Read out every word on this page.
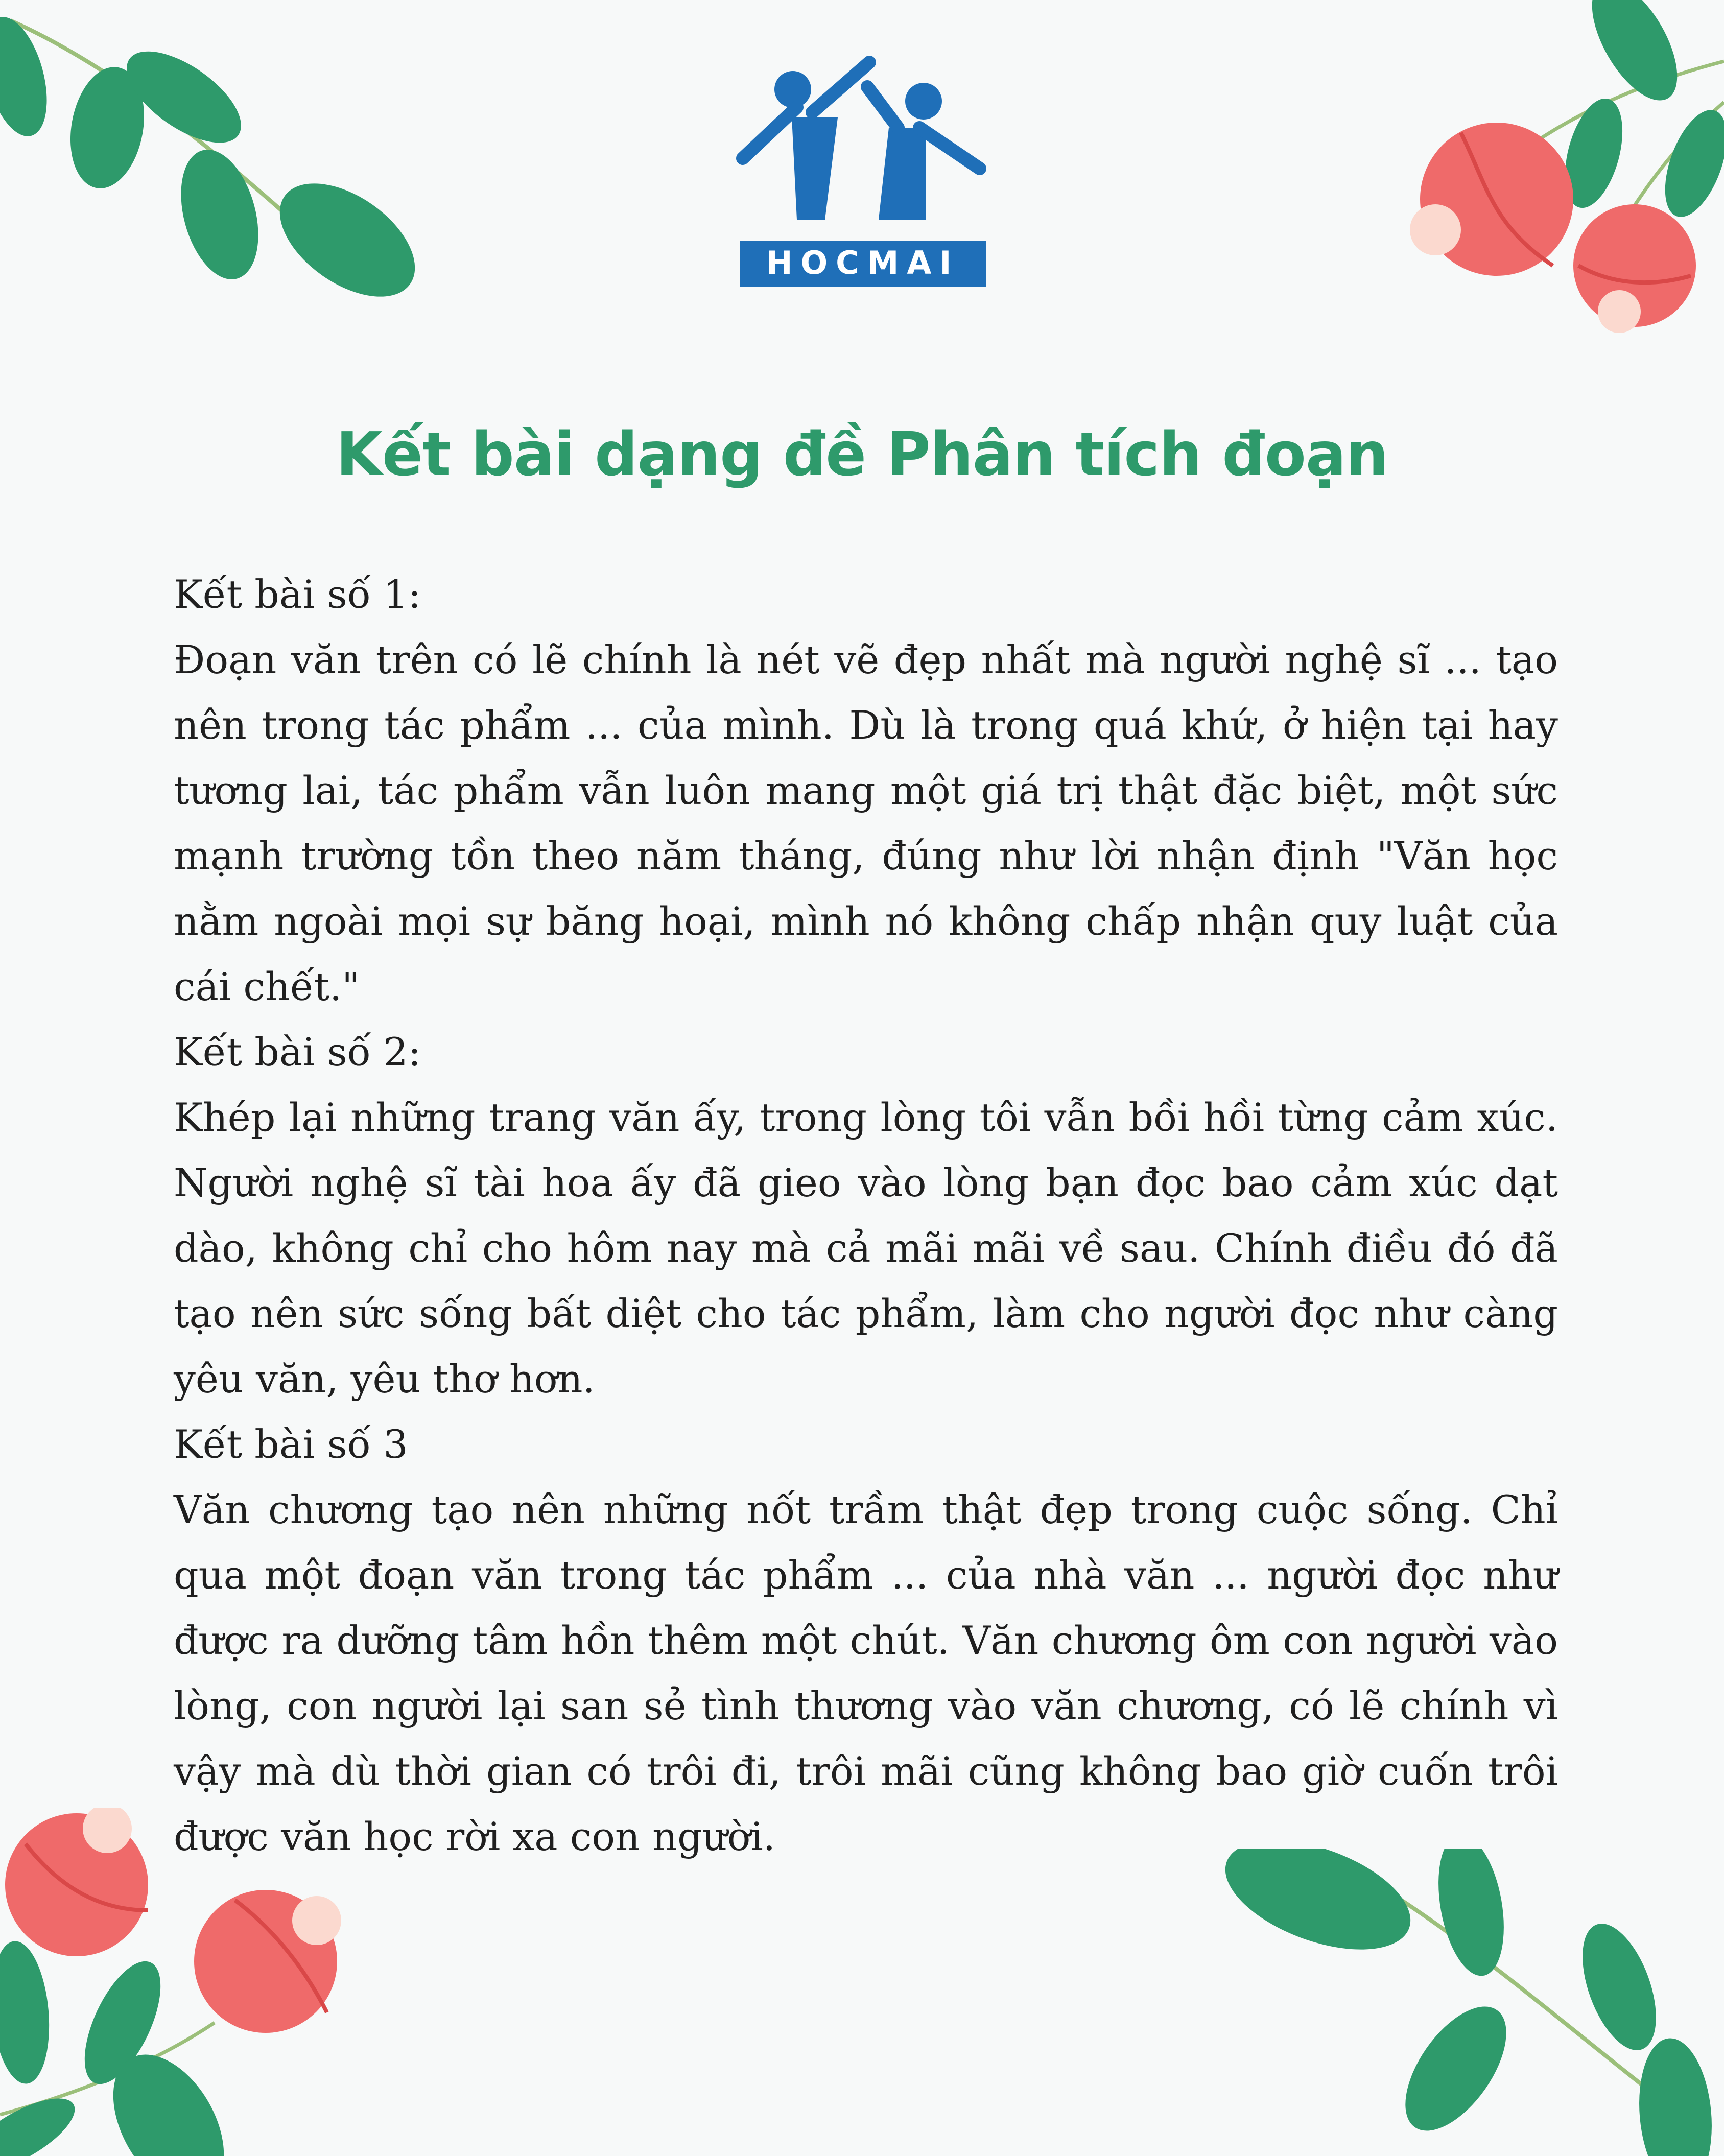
HOCMAI
Kết bài dạng đề Phân tích đoạn

Kết bài số 1:

Đoạn văn trên có lẽ chính là nét vẽ đẹp nhất mà người nghệ sĩ ... tạo nên trong tác phẩm ... của mình. Dù là trong quá khứ, ở hiện tại hay tương lai, tác phẩm vẫn luôn mang một giá trị thật đặc biệt, một sức mạnh trường tồn theo năm tháng, đúng như lời nhận định "Văn học nằm ngoài mọi sự băng hoại, mình nó không chấp nhận quy luật của cái chết."

Kết bài số 2:

Khép lại những trang văn ấy, trong lòng tôi vẫn bồi hồi từng cảm xúc. Người nghệ sĩ tài hoa ấy đã gieo vào lòng bạn đọc bao cảm xúc dạt dào, không chỉ cho hôm nay mà cả mãi mãi về sau. Chính điều đó đã tạo nên sức sống bất diệt cho tác phẩm, làm cho người đọc như càng yêu văn, yêu thơ hơn.

Kết bài số 3

Văn chương tạo nên những nốt trầm thật đẹp trong cuộc sống. Chỉ qua một đoạn văn trong tác phẩm ... của nhà văn ... người đọc như được ra dưỡng tâm hồn thêm một chút. Văn chương ôm con người vào lòng, con người lại san sẻ tình thương vào văn chương, có lẽ chính vì vậy mà dù thời gian có trôi đi, trôi mãi cũng không bao giờ cuốn trôi được văn học rời xa con người.
